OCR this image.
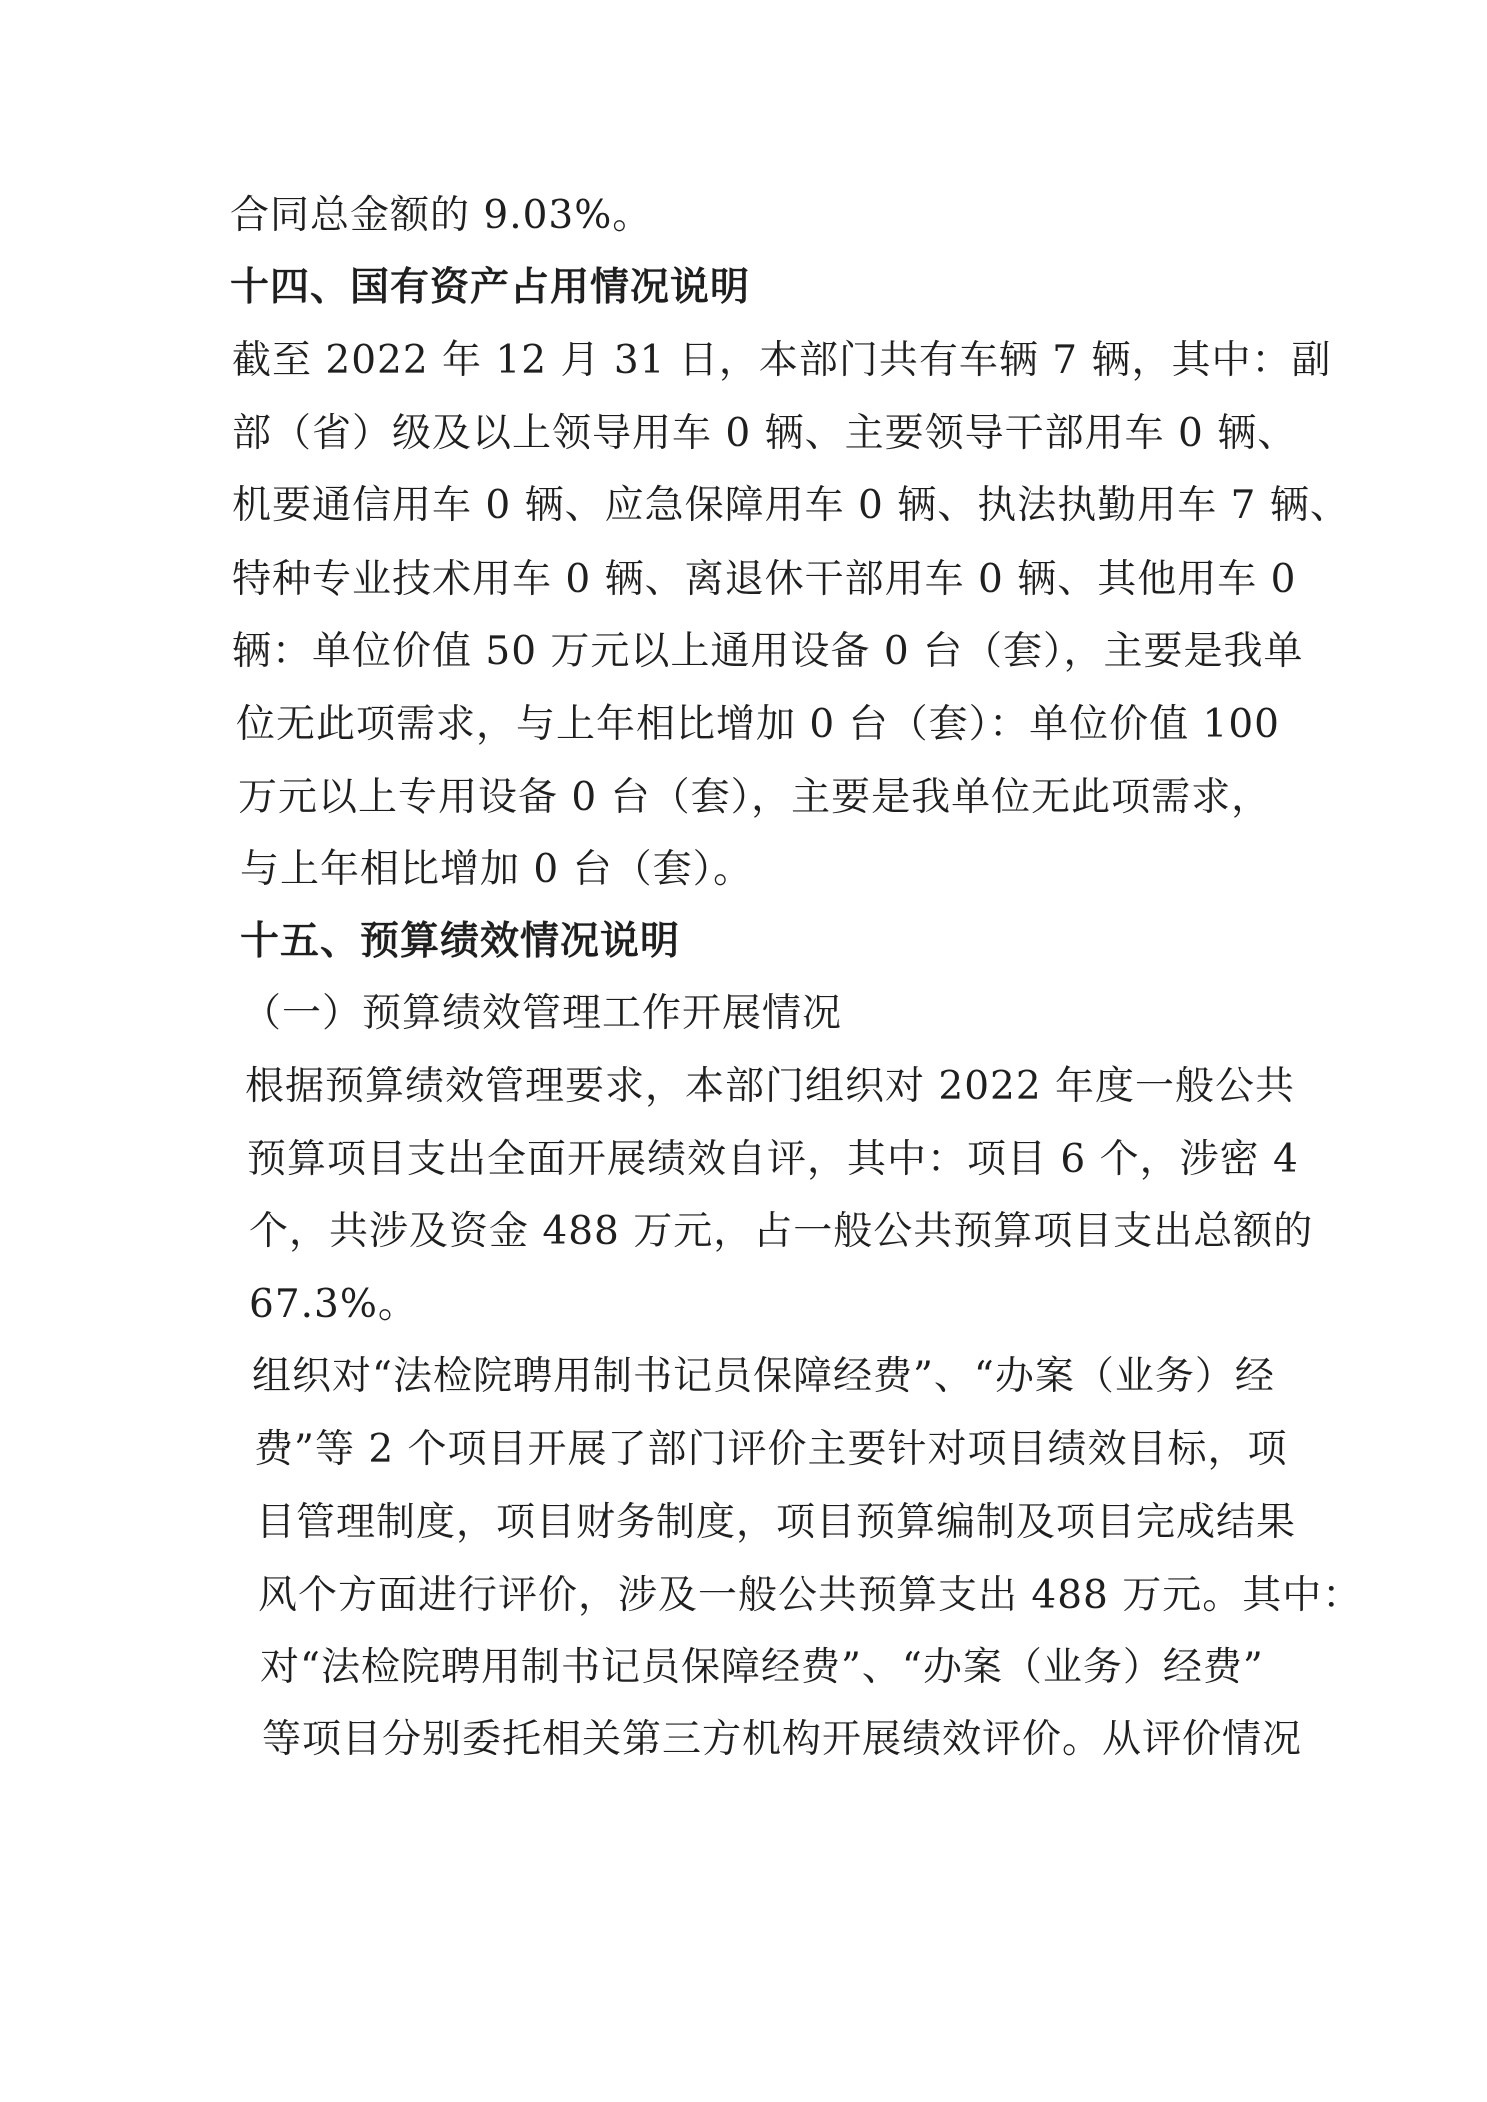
合同总金额的 9.03%。
十四、国有资产占用情况说明
截至 2022 年 12 月 31 日，本部门共有车辆 7 辆，其中：副
部（省）级及以上领导用车 0 辆、主要领导干部用车 0 辆、
机要通信用车 0 辆、应急保障用车 0 辆、执法执勤用车 7 辆、
特种专业技术用车 0 辆、离退休干部用车 0 辆、其他用车 0
辆：单位价值 50 万元以上通用设备 0 台（套），主要是我单
位无此项需求，与上年相比增加 0 台（套）：单位价值 100
万元以上专用设备 0 台（套），主要是我单位无此项需求，
与上年相比增加 0 台（套）。
十五、预算绩效情况说明
（一）预算绩效管理工作开展情况
根据预算绩效管理要求，本部门组织对 2022 年度一般公共
预算项目支出全面开展绩效自评，其中：项目 6 个，涉密 4
个，共涉及资金 488 万元，占一般公共预算项目支出总额的
67.3%。
组织对“法检院聘用制书记员保障经费”、“办案（业务）经
费”等 2 个项目开展了部门评价主要针对项目绩效目标，项
目管理制度，项目财务制度，项目预算编制及项目完成结果
风个方面进行评价，涉及一般公共预算支出 488 万元。其中：
对“法检院聘用制书记员保障经费”、“办案（业务）经费”
等项目分别委托相关第三方机构开展绩效评价。从评价情况
